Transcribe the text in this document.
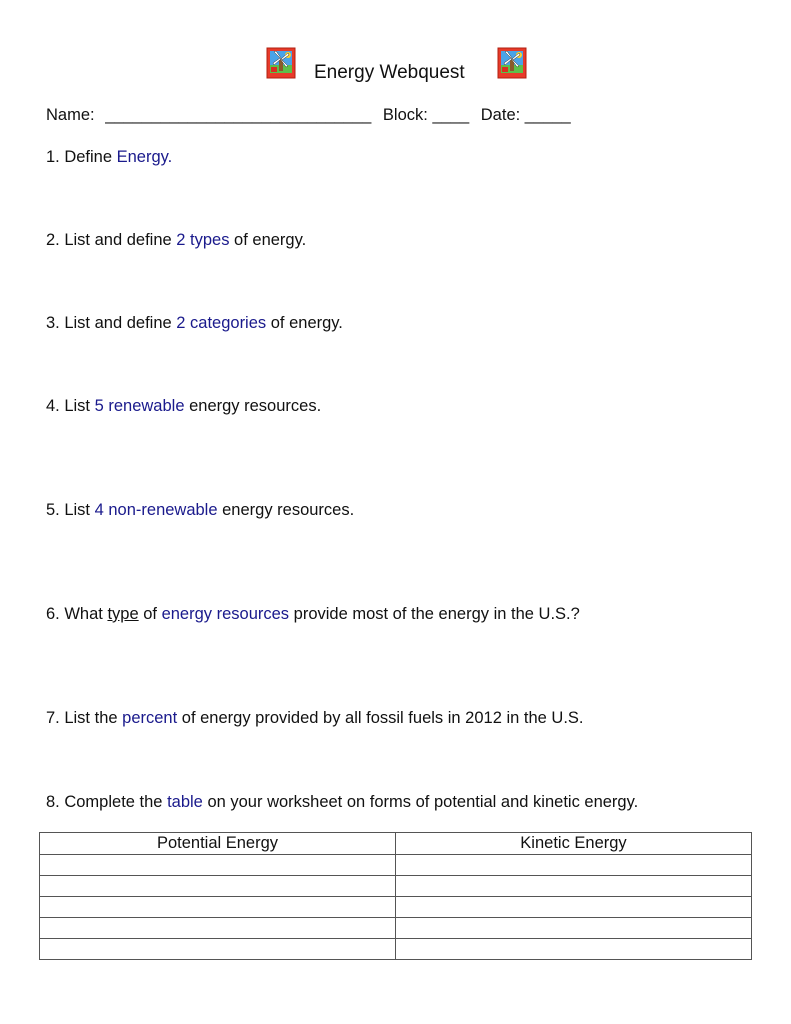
Energy Webquest
Name: _____________________________ Block: ____ Date: _____
1. Define Energy.
2. List and define 2 types of energy.
3. List and define 2 categories of energy.
4. List 5 renewable energy resources.
5. List 4 non-renewable energy resources.
6. What type of energy resources provide most of the energy in the U.S.?
7. List the percent of energy provided by all fossil fuels in 2012 in the U.S.
8. Complete the table on your worksheet on forms of potential and kinetic energy.
Potential Energy	Kinetic Energy
